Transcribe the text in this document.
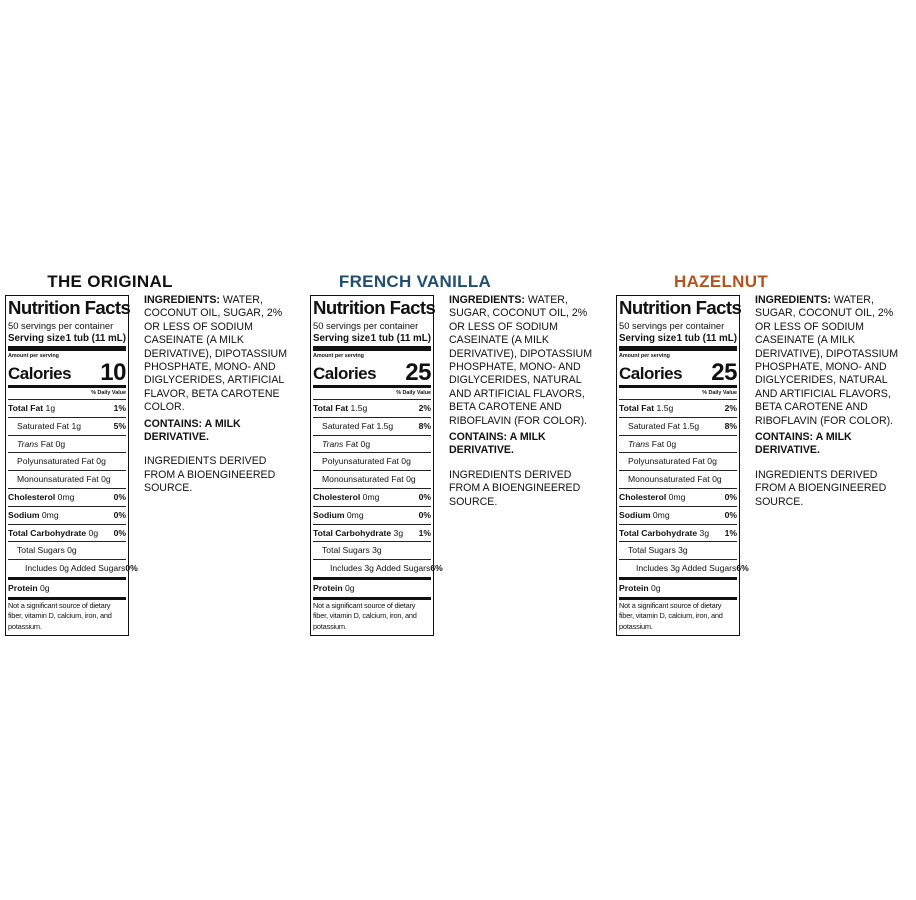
THE ORIGINAL
Nutrition Facts
50 servings per container
Serving size 1 tub (11 mL)
Amount per serving
Calories 10
% Daily Value
Total Fat 1g	1%
Saturated Fat 1g	5%
Trans Fat 0g
Polyunsaturated Fat 0g
Monounsaturated Fat 0g
Cholesterol 0mg	0%
Sodium 0mg	0%
Total Carbohydrate 0g 0%
Total Sugars 0g
Includes 0g Added Sugars 0%
Protein 0g
Not a significant source of dietary fiber, vitamin D, calcium, iron, and potassium.

INGREDIENTS: WATER, COCONUT OIL, SUGAR, 2% OR LESS OF SODIUM CASEINATE (A MILK DERIVATIVE), DIPOTASSIUM PHOSPHATE, MONO- AND DIGLYCERIDES, ARTIFICIAL FLAVOR, BETA CAROTENE COLOR.

CONTAINS: A MILK DERIVATIVE.

INGREDIENTS DERIVED FROM A BIOENGINEERED SOURCE.

FRENCH VANILLA
Nutrition Facts
50 servings per container
Serving size 1 tub (11 mL)
Amount per serving
Calories 25
% Daily Value
Total Fat 1.5g	2%
Saturated Fat 1.5g	8%
Trans Fat 0g
Polyunsaturated Fat 0g
Monounsaturated Fat 0g
Cholesterol 0mg	0%
Sodium 0mg	0%
Total Carbohydrate 3g 1%
Total Sugars 3g
Includes 3g Added Sugars 6%
Protein 0g
Not a significant source of dietary fiber, vitamin D, calcium, iron, and potassium.

INGREDIENTS: WATER, SUGAR, COCONUT OIL, 2% OR LESS OF SODIUM CASEINATE (A MILK DERIVATIVE), DIPOTASSIUM PHOSPHATE, MONO- AND DIGLYCERIDES, NATURAL AND ARTIFICIAL FLAVORS, BETA CAROTENE AND RIBOFLAVIN (FOR COLOR).

CONTAINS: A MILK DERIVATIVE.

INGREDIENTS DERIVED FROM A BIOENGINEERED SOURCE.

HAZELNUT
Nutrition Facts
50 servings per container
Serving size 1 tub (11 mL)
Amount per serving
Calories 25
% Daily Value
Total Fat 1.5g	2%
Saturated Fat 1.5g	8%
Trans Fat 0g
Polyunsaturated Fat 0g
Monounsaturated Fat 0g
Cholesterol 0mg	0%
Sodium 0mg	0%
Total Carbohydrate 3g 1%
Total Sugars 3g
Includes 3g Added Sugars 6%
Protein 0g
Not a significant source of dietary fiber, vitamin D, calcium, iron, and potassium.

INGREDIENTS: WATER, SUGAR, COCONUT OIL, 2% OR LESS OF SODIUM CASEINATE (A MILK DERIVATIVE), DIPOTASSIUM PHOSPHATE, MONO- AND DIGLYCERIDES, NATURAL AND ARTIFICIAL FLAVORS, BETA CAROTENE AND RIBOFLAVIN (FOR COLOR).

CONTAINS: A MILK DERIVATIVE.

INGREDIENTS DERIVED FROM A BIOENGINEERED SOURCE.
